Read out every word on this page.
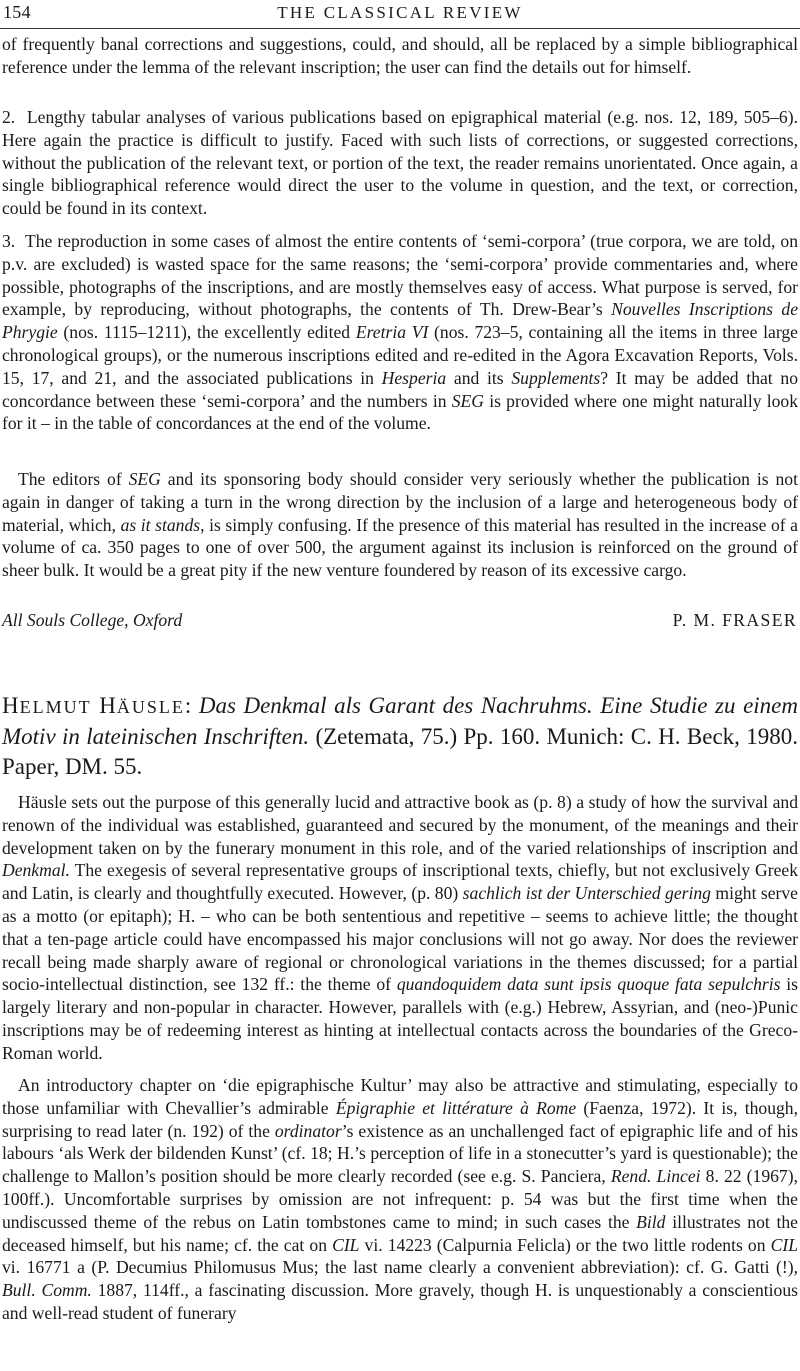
154	THE CLASSICAL REVIEW

of frequently banal corrections and suggestions, could, and should, all be replaced by a simple bibliographical reference under the lemma of the relevant inscription; the user can find the details out for himself.

2.  Lengthy tabular analyses of various publications based on epigraphical material (e.g. nos. 12, 189, 505–6). Here again the practice is difficult to justify. Faced with such lists of corrections, or suggested corrections, without the publication of the relevant text, or portion of the text, the reader remains unorientated. Once again, a single bibliographical reference would direct the user to the volume in question, and the text, or correction, could be found in its context.

3.  The reproduction in some cases of almost the entire contents of ‘semi-corpora’ (true corpora, we are told, on p.v. are excluded) is wasted space for the same reasons; the ‘semi-corpora’ provide commentaries and, where possible, photographs of the inscriptions, and are mostly themselves easy of access. What purpose is served, for example, by reproducing, without photographs, the contents of Th. Drew-Bear’s Nouvelles Inscriptions de Phrygie (nos. 1115–1211), the excellently edited Eretria VI (nos. 723–5, containing all the items in three large chronological groups), or the numerous inscriptions edited and re-edited in the Agora Excavation Reports, Vols. 15, 17, and 21, and the associated publications in Hesperia and its Supplements? It may be added that no concordance between these ‘semi-corpora’ and the numbers in SEG is provided where one might naturally look for it – in the table of concordances at the end of the volume.

The editors of SEG and its sponsoring body should consider very seriously whether the publication is not again in danger of taking a turn in the wrong direction by the inclusion of a large and heterogeneous body of material, which, as it stands, is simply confusing. If the presence of this material has resulted in the increase of a volume of ca. 350 pages to one of over 500, the argument against its inclusion is reinforced on the ground of sheer bulk. It would be a great pity if the new venture foundered by reason of its excessive cargo.

All Souls College, Oxford	P. M. FRASER
HELMUT HÄUSLE: Das Denkmal als Garant des Nachruhms. Eine Studie zu einem Motiv in lateinischen Inschriften. (Zetemata, 75.) Pp. 160. Munich: C. H. Beck, 1980. Paper, DM. 55.

Häusle sets out the purpose of this generally lucid and attractive book as (p. 8) a study of how the survival and renown of the individual was established, guaranteed and secured by the monument, of the meanings and their development taken on by the funerary monument in this role, and of the varied relationships of inscription and Denkmal. The exegesis of several representative groups of inscriptional texts, chiefly, but not exclusively Greek and Latin, is clearly and thoughtfully executed. However, (p. 80) sachlich ist der Unterschied gering might serve as a motto (or epitaph); H. – who can be both sententious and repetitive – seems to achieve little; the thought that a ten-page article could have encompassed his major conclusions will not go away. Nor does the reviewer recall being made sharply aware of regional or chronological variations in the themes discussed; for a partial socio-intellectual distinction, see 132 ff.: the theme of quandoquidem data sunt ipsis quoque fata sepulchris is largely literary and non-popular in character. However, parallels with (e.g.) Hebrew, Assyrian, and (neo-)Punic inscriptions may be of redeeming interest as hinting at intellectual contacts across the boundaries of the Greco-Roman world.

An introductory chapter on ‘die epigraphische Kultur’ may also be attractive and stimulating, especially to those unfamiliar with Chevallier’s admirable Épigraphie et littérature à Rome (Faenza, 1972). It is, though, surprising to read later (n. 192) of the ordinator’s existence as an unchallenged fact of epigraphic life and of his labours ‘als Werk der bildenden Kunst’ (cf. 18; H.’s perception of life in a stonecutter’s yard is questionable); the challenge to Mallon’s position should be more clearly recorded (see e.g. S. Panciera, Rend. Lincei 8. 22 (1967), 100ff.). Uncomfortable surprises by omission are not infrequent: p. 54 was but the first time when the undiscussed theme of the rebus on Latin tombstones came to mind; in such cases the Bild illustrates not the deceased himself, but his name; cf. the cat on CIL vi. 14223 (Calpurnia Felicla) or the two little rodents on CIL vi. 16771 a (P. Decumius Philomusus Mus; the last name clearly a convenient abbreviation): cf. G. Gatti (!), Bull. Comm. 1887, 114ff., a fascinating discussion. More gravely, though H. is unquestionably a conscientious and well-read student of funerary
